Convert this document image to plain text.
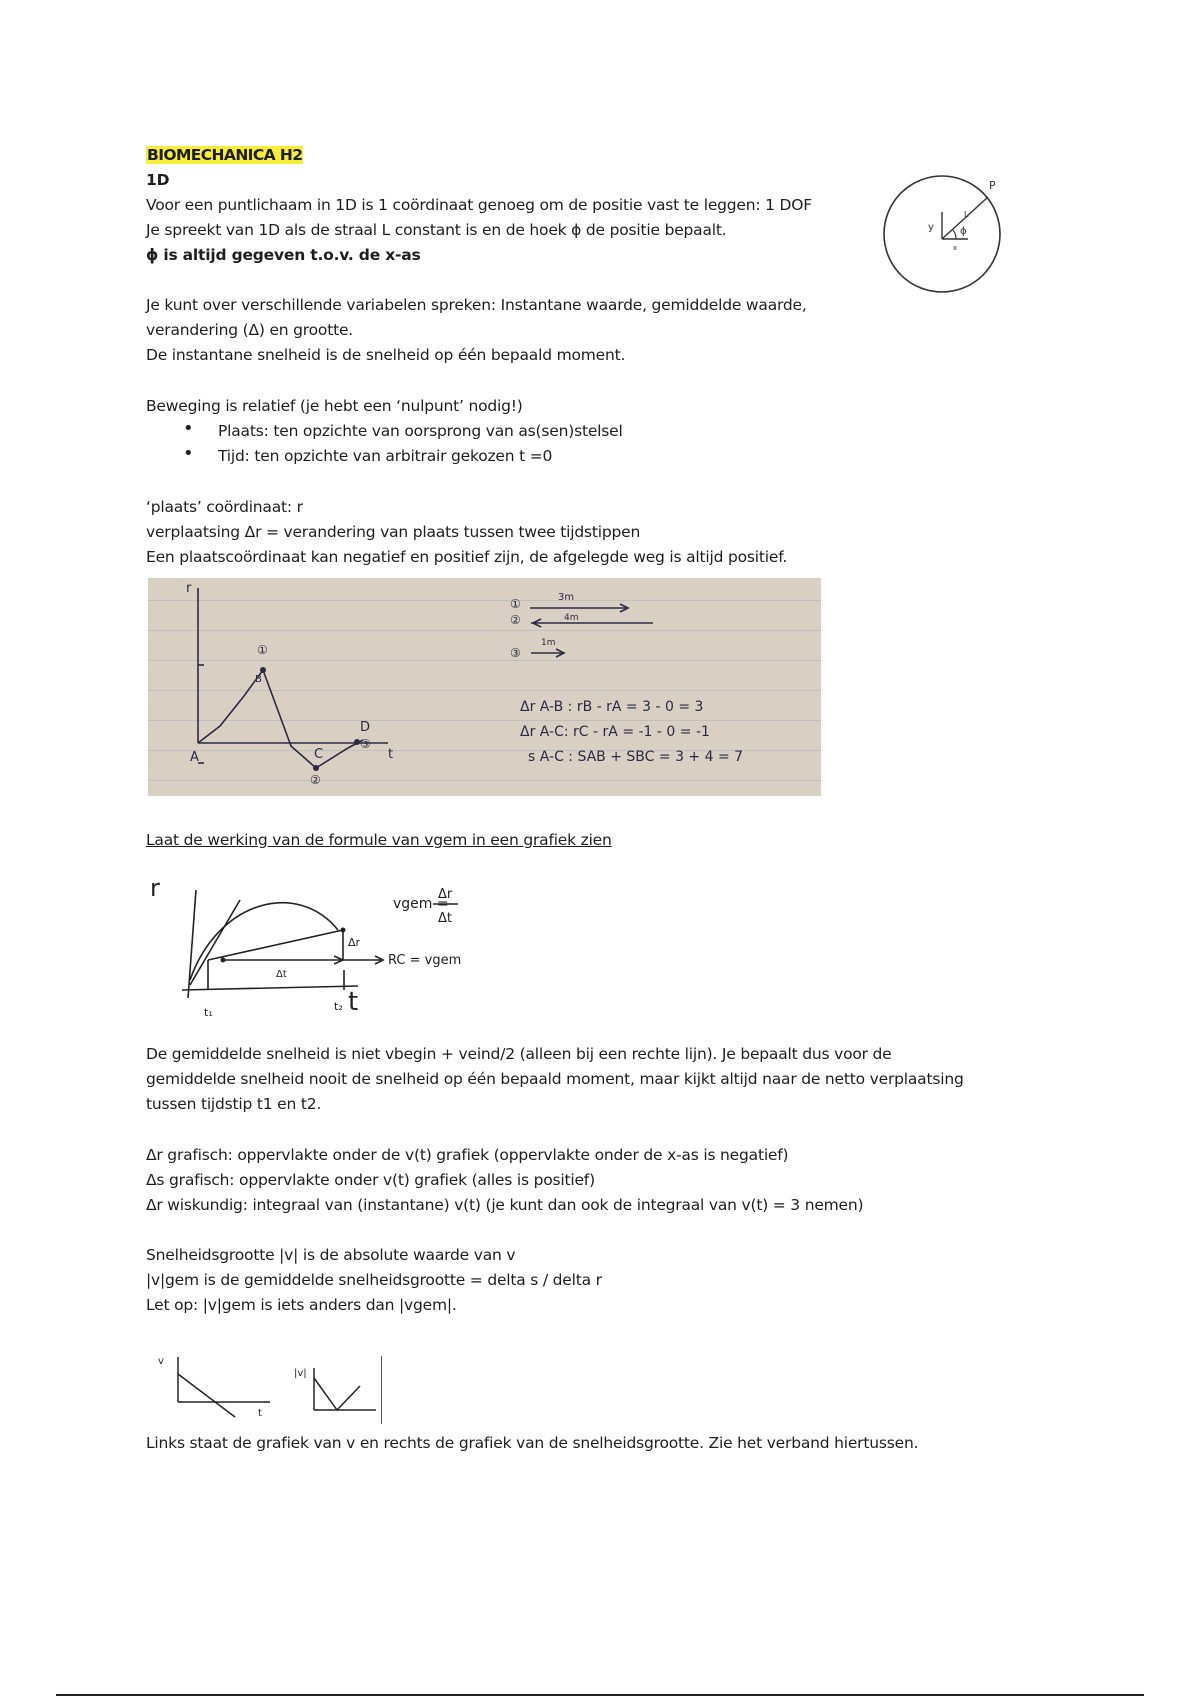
BIOMECHANICA H2
1D
Voor een puntlichaam in 1D is 1 coördinaat genoeg om de positie vast te leggen: 1 DOF
Je spreekt van 1D als de straal L constant is en de hoek ϕ de positie bepaalt.
ϕ is altijd gegeven t.o.v. de x-as
P
L
ϕ
y
x
Je kunt over verschillende variabelen spreken: Instantane waarde, gemiddelde waarde,
verandering (Δ) en grootte.
De instantane snelheid is de snelheid op één bepaald moment.
Beweging is relatief (je hebt een ‘nulpunt’ nodig!)
• Plaats: ten opzichte van oorsprong van as(sen)stelsel
• Tijd: ten opzichte van arbitrair gekozen t =0
‘plaats’ coördinaat: r
verplaatsing Δr = verandering van plaats tussen twee tijdstippen
Een plaatscoördinaat kan negatief en positief zijn, de afgelegde weg is altijd positief.
r
t
A
B
C
D
①
②
③
①
②
③
3m
4m
1m
Δr A-B : rB - rA = 3 - 0 = 3
Δr A-C: rC - rA = -1 - 0 = -1
s A-C : SAB + SBC = 3 + 4 = 7
Laat de werking van de formule van vgem in een grafiek zien
r
t
t₁	t₂
Δr
Δt
RC = vgem
vgem =
Δr
Δt
De gemiddelde snelheid is niet vbegin + veind/2 (alleen bij een rechte lijn). Je bepaalt dus voor de
gemiddelde snelheid nooit de snelheid op één bepaald moment, maar kijkt altijd naar de netto verplaatsing
tussen tijdstip t1 en t2.
Δr grafisch: oppervlakte onder de v(t) grafiek (oppervlakte onder de x-as is negatief)
Δs grafisch: oppervlakte onder v(t) grafiek (alles is positief)
Δr wiskundig: integraal van (instantane) v(t) (je kunt dan ook de integraal van v(t) = 3 nemen)
Snelheidsgrootte |v| is de absolute waarde van v
|v|gem is de gemiddelde snelheidsgrootte = delta s / delta r
Let op: |v|gem is iets anders dan |vgem|.
v
t
|v|
Links staat de grafiek van v en rechts de grafiek van de snelheidsgrootte. Zie het verband hiertussen.
